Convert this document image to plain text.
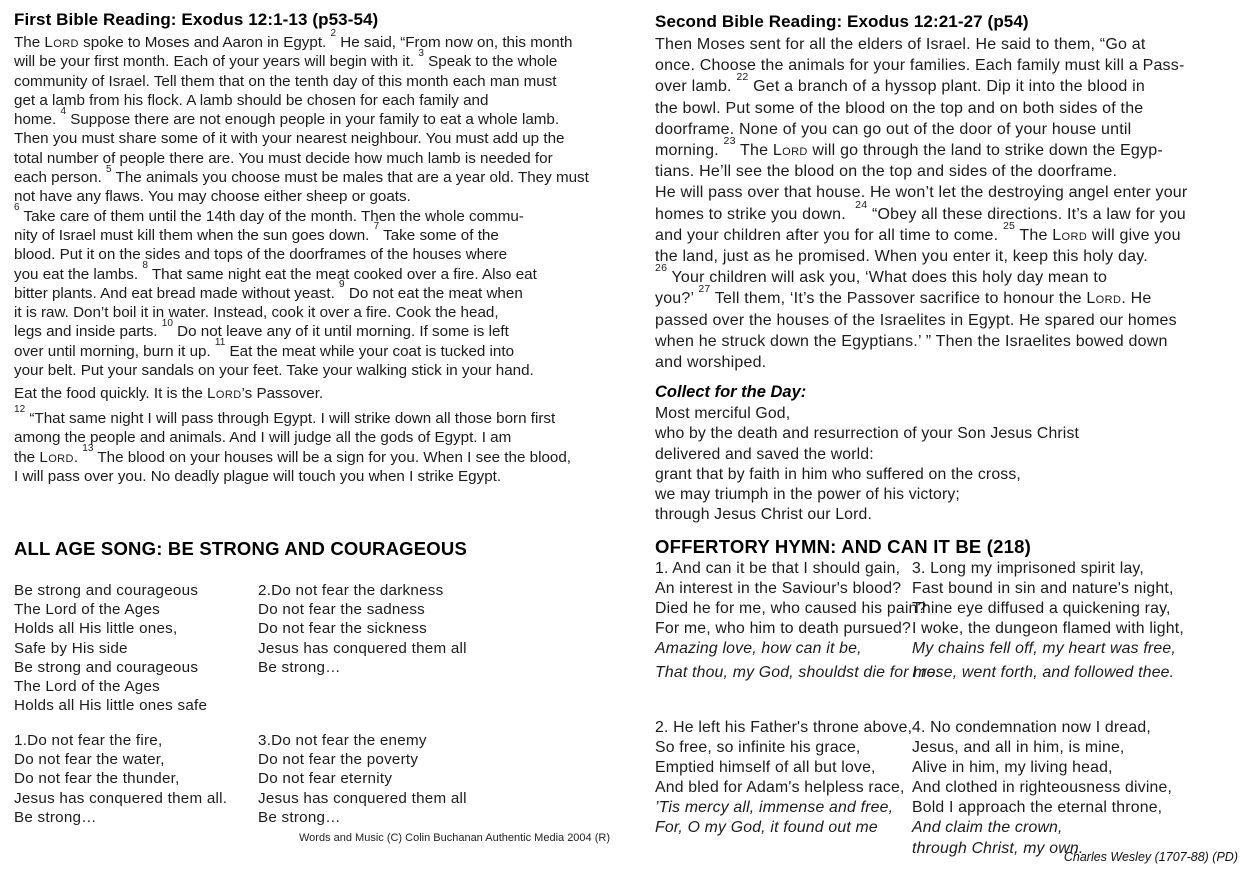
First Bible Reading: Exodus 12:1-13 (p53-54)
The Lord spoke to Moses and Aaron in Egypt. $^2$ He said, “From now on, this month
will be your first month. Each of your years will begin with it. $^3$ Speak to the whole
community of Israel. Tell them that on the tenth day of this month each man must
get a lamb from his flock. A lamb should be chosen for each family and
home. $^4$ Suppose there are not enough people in your family to eat a whole lamb.
Then you must share some of it with your nearest neighbour. You must add up the
total number of people there are. You must decide how much lamb is needed for
each person. $^5$ The animals you choose must be males that are a year old. They must
not have any flaws. You may choose either sheep or goats.
$^6$ Take care of them until the 14th day of the month. Then the whole commu-
nity of Israel must kill them when the sun goes down. $^7$ Take some of the
blood. Put it on the sides and tops of the doorframes of the houses where
you eat the lambs. $^8$ That same night eat the meat cooked over a fire. Also eat
bitter plants. And eat bread made without yeast. $^9$ Do not eat the meat when
it is raw. Don’t boil it in water. Instead, cook it over a fire. Cook the head,
legs and inside parts. $^{10}$ Do not leave any of it until morning. If some is left
over until morning, burn it up. $^{11}$ Eat the meat while your coat is tucked into
your belt. Put your sandals on your feet. Take your walking stick in your hand.
Eat the food quickly. It is the Lord’s Passover.
$^{12}$ “That same night I will pass through Egypt. I will strike down all those born first
among the people and animals. And I will judge all the gods of Egypt. I am
the Lord. $^{13}$ The blood on your houses will be a sign for you. When I see the blood,
I will pass over you. No deadly plague will touch you when I strike Egypt.
ALL AGE SONG: BE STRONG AND COURAGEOUS
Be strong and courageous
The Lord of the Ages
Holds all His little ones,
Safe by His side
Be strong and courageous
The Lord of the Ages
Holds all His little ones safe
2.Do not fear the darkness
Do not fear the sadness
Do not fear the sickness
Jesus has conquered them all
Be strong…
1.Do not fear the fire,
Do not fear the water,
Do not fear the thunder,
Jesus has conquered them all.
Be strong…
3.Do not fear the enemy
Do not fear the poverty
Do not fear eternity
Jesus has conquered them all
Be strong…
Words and Music (C) Colin Buchanan Authentic Media 2004 (R)
Second Bible Reading: Exodus 12:21-27 (p54)
Then Moses sent for all the elders of Israel. He said to them, “Go at
once. Choose the animals for your families. Each family must kill a Pass-
over lamb. $^{22}$ Get a branch of a hyssop plant. Dip it into the blood in
the bowl. Put some of the blood on the top and on both sides of the
doorframe. None of you can go out of the door of your house until
morning. $^{23}$ The Lord will go through the land to strike down the Egyp-
tians. He’ll see the blood on the top and sides of the doorframe.
He will pass over that house. He won’t let the destroying angel enter your
homes to strike you down.  $^{24}$ “Obey all these directions. It’s a law for you
and your children after you for all time to come. $^{25}$ The Lord will give you
the land, just as he promised. When you enter it, keep this holy day.
$^{26}$ Your children will ask you, ‘What does this holy day mean to
you?’ $^{27}$ Tell them, ‘It’s the Passover sacrifice to honour the Lord. He
passed over the houses of the Israelites in Egypt. He spared our homes
when he struck down the Egyptians.’ ” Then the Israelites bowed down
and worshiped.
Collect for the Day:
Most merciful God,
who by the death and resurrection of your Son Jesus Christ
delivered and saved the world:
grant that by faith in him who suffered on the cross,
we may triumph in the power of his victory;
through Jesus Christ our Lord.
OFFERTORY HYMN: AND CAN IT BE (218)
1. And can it be that I should gain,
An interest in the Saviour's blood?
Died he for me, who caused his pain?
For me, who him to death pursued?
Amazing love, how can it be,
That thou, my God, shouldst die for me.
3. Long my imprisoned spirit lay,
Fast bound in sin and nature's night,
Thine eye diffused a quickening ray,
I woke, the dungeon flamed with light,
My chains fell off, my heart was free,
I rose, went forth, and followed thee.
2. He left his Father's throne above,
So free, so infinite his grace,
Emptied himself of all but love,
And bled for Adam's helpless race,
’Tis mercy all, immense and free,
For, O my God, it found out me
4. No condemnation now I dread,
Jesus, and all in him, is mine,
Alive in him, my living head,
And clothed in righteousness divine,
Bold I approach the eternal throne,
And claim the crown,
through Christ, my own.
Charles Wesley (1707-88) (PD)
